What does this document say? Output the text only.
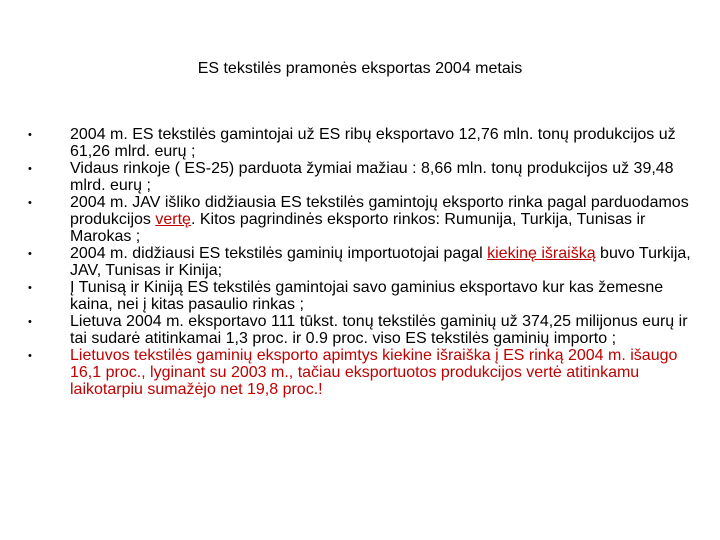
ES tekstilės pramonės eksportas 2004 metais
• 2004 m. ES tekstilės gamintojai už ES ribų eksportavo 12,76 mln. tonų produkcijos už 61,26 mlrd. eurų ;
• Vidaus rinkoje ( ES-25) parduota žymiai mažiau : 8,66 mln. tonų produkcijos už 39,48 mlrd. eurų ;
• 2004 m. JAV išliko didžiausia ES tekstilės gamintojų eksporto rinka pagal parduodamos produkcijos vertę. Kitos pagrindinės eksporto rinkos: Rumunija, Turkija, Tunisas ir Marokas ;
• 2004 m. didžiausi ES tekstilės gaminių importuotojai pagal kiekinę išraišką buvo Turkija, JAV, Tunisas ir Kinija;
• Į Tunisą ir Kiniją ES tekstilės gamintojai savo gaminius eksportavo kur kas žemesne kaina, nei į kitas pasaulio rinkas ;
• Lietuva 2004 m. eksportavo 111 tūkst. tonų tekstilės gaminių už 374,25 milijonus eurų ir tai sudarė atitinkamai 1,3 proc. ir 0.9 proc. viso ES tekstilės gaminių importo ;
• Lietuvos tekstilės gaminių eksporto apimtys kiekine išraiška į ES rinką 2004 m. išaugo 16,1 proc., lyginant su 2003 m., tačiau eksportuotos produkcijos vertė atitinkamu laikotarpiu sumažėjo net 19,8 proc.!
